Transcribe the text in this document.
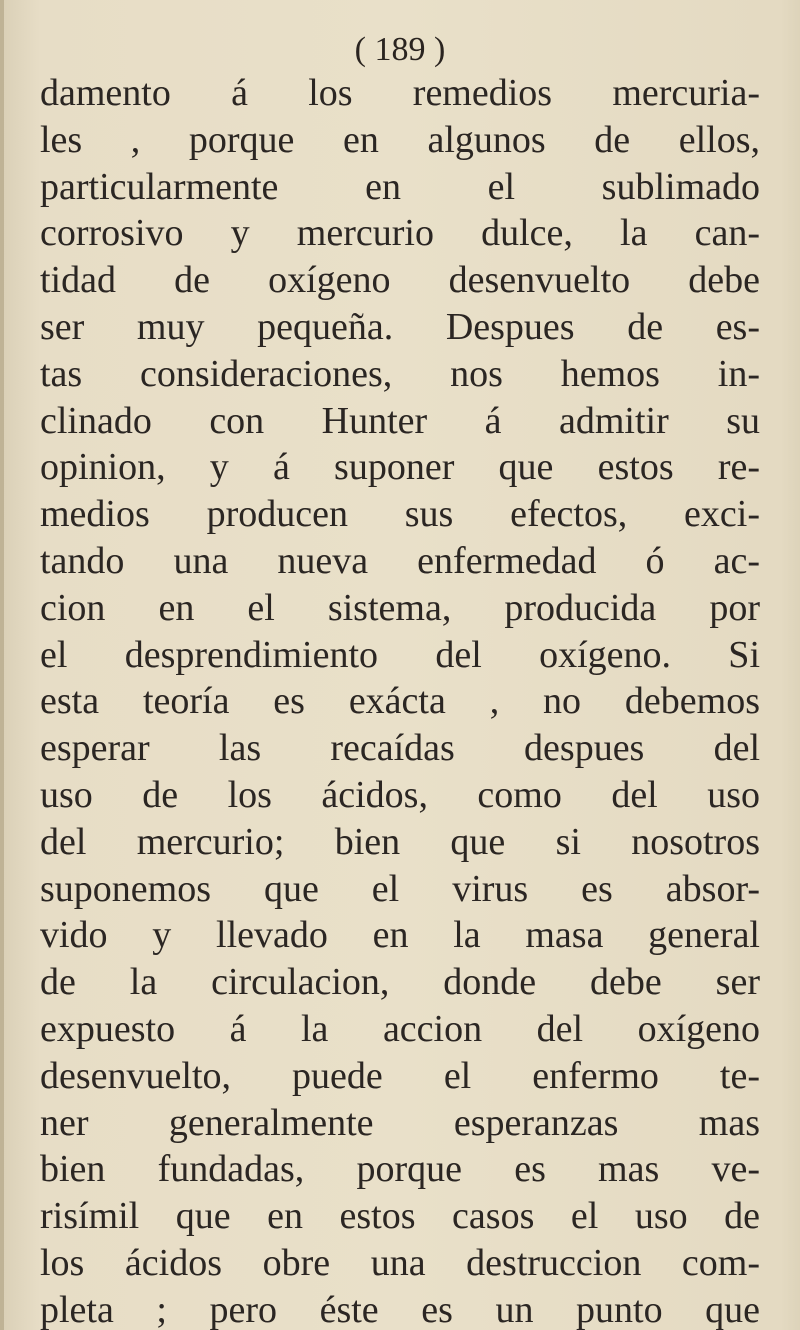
( 189 )
damento á los remedios mercuria-
les , porque en algunos de ellos,
particularmente en el sublimado
corrosivo y mercurio dulce, la can-
tidad de oxígeno desenvuelto debe
ser muy pequeña. Despues de es-
tas consideraciones, nos hemos in-
clinado con Hunter á admitir su
opinion, y á suponer que estos re-
medios producen sus efectos, exci-
tando una nueva enfermedad ó ac-
cion en el sistema, producida por
el desprendimiento del oxígeno. Si
esta teoría es exácta , no debemos
esperar las recaídas despues del
uso de los ácidos, como del uso
del mercurio; bien que si nosotros
suponemos que el virus es absor-
vido y llevado en la masa general
de la circulacion, donde debe ser
expuesto á la accion del oxígeno
desenvuelto, puede el enfermo te-
ner generalmente esperanzas mas
bien fundadas, porque es mas ve-
risímil que en estos casos el uso de
los ácidos obre una destruccion com-
pleta ; pero éste es un punto que
